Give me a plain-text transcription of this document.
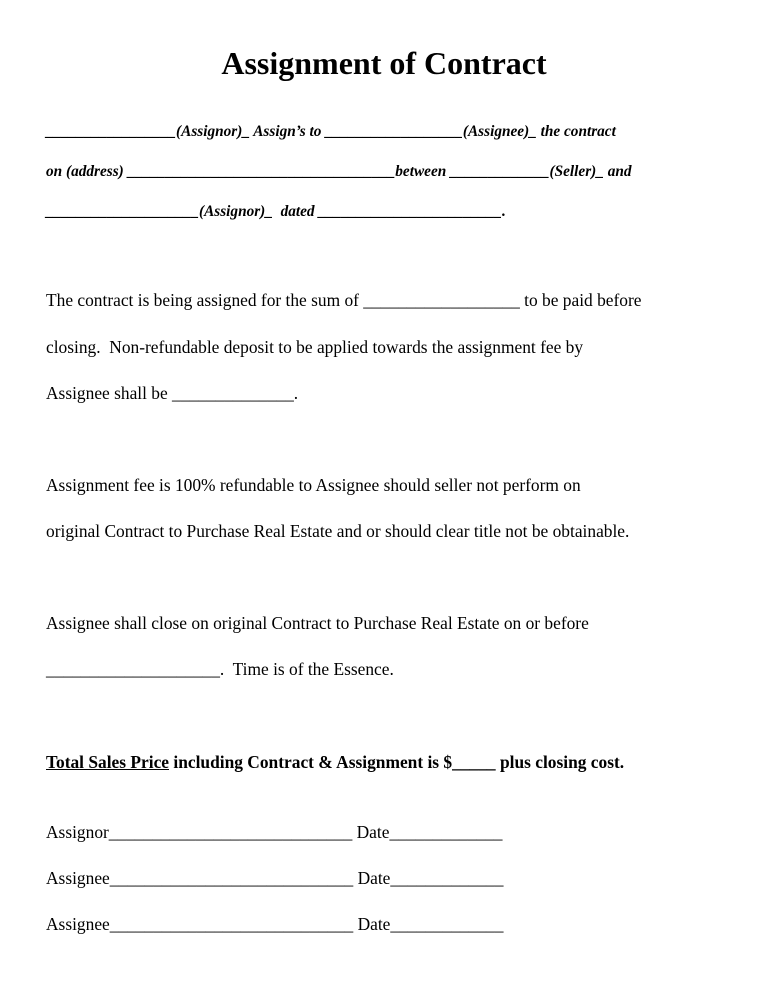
Assignment of Contract
_________________(Assignor)_ Assign’s to __________________(Assignee)_ the contract
on (address) ___________________________________between _____________(Seller)_ and
____________________(Assignor)_  dated ________________________.
The contract is being assigned for the sum of __________________ to be paid before
closing.  Non-refundable deposit to be applied towards the assignment fee by
Assignee shall be ______________.
Assignment fee is 100% refundable to Assignee should seller not perform on
original Contract to Purchase Real Estate and or should clear title not be obtainable.
Assignee shall close on original Contract to Purchase Real Estate on or before
____________________.  Time is of the Essence.
Total Sales Price including Contract & Assignment is $_____ plus closing cost.
Assignor____________________________ Date_____________
Assignee____________________________ Date_____________
Assignee____________________________ Date_____________
